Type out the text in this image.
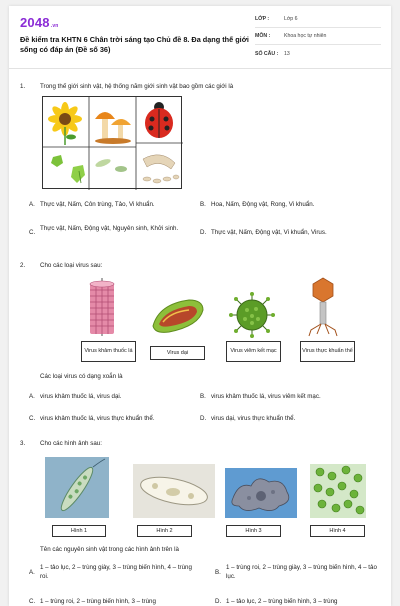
2048.vn
Đề kiểm tra KHTN 6 Chân trời sáng tạo Chủ đề 8. Đa dạng thế giới sống có đáp án (Đề số 36)
LỚP :	Lớp 6
MÔN :	Khoa học tự nhiên
SỐ CÂU :	13
1.	Trong thế giới sinh vật, hệ thống năm giới sinh vật bao gồm các giới là
A. Thực vật, Nấm, Côn trùng, Tảo, Vi khuẩn.	B. Hoa, Nấm, Động vật, Rong, Vi khuẩn.
C.
Thực vật, Nấm, Động vật, Nguyên sinh, Khởi sinh.
D. Thực vật, Nấm, Động vật, Vi khuẩn, Virus.
2.	Cho các loại virus sau:
Virus khảm thuốc lá	Virus dại	Virus viêm kết mạc	Virus thực khuẩn thể
Các loại virus có dạng xoắn là
A. virus khảm thuốc lá, virus dại.	B. virus khảm thuốc lá, virus viêm kết mạc.
C. virus khảm thuốc lá, virus thực khuẩn thể.	D. virus dại, virus thực khuẩn thể.
3.	Cho các hình ảnh sau:
Hình 1	Hình 2	Hình 3	Hình 4
Tên các nguyên sinh vật trong các hình ảnh trên là
A.
1 – tảo lục, 2 – trùng giày, 3 – trùng biến hình, 4 – trùng roi.
B.
1 – trùng roi, 2 – trùng giày, 3 – trùng biến hình, 4 – tảo lục.
C. 1 – trùng roi, 2 – trùng biến hình, 3 – trùng	D. 1 – tảo lục, 2 – trùng biến hình, 3 – trùng
